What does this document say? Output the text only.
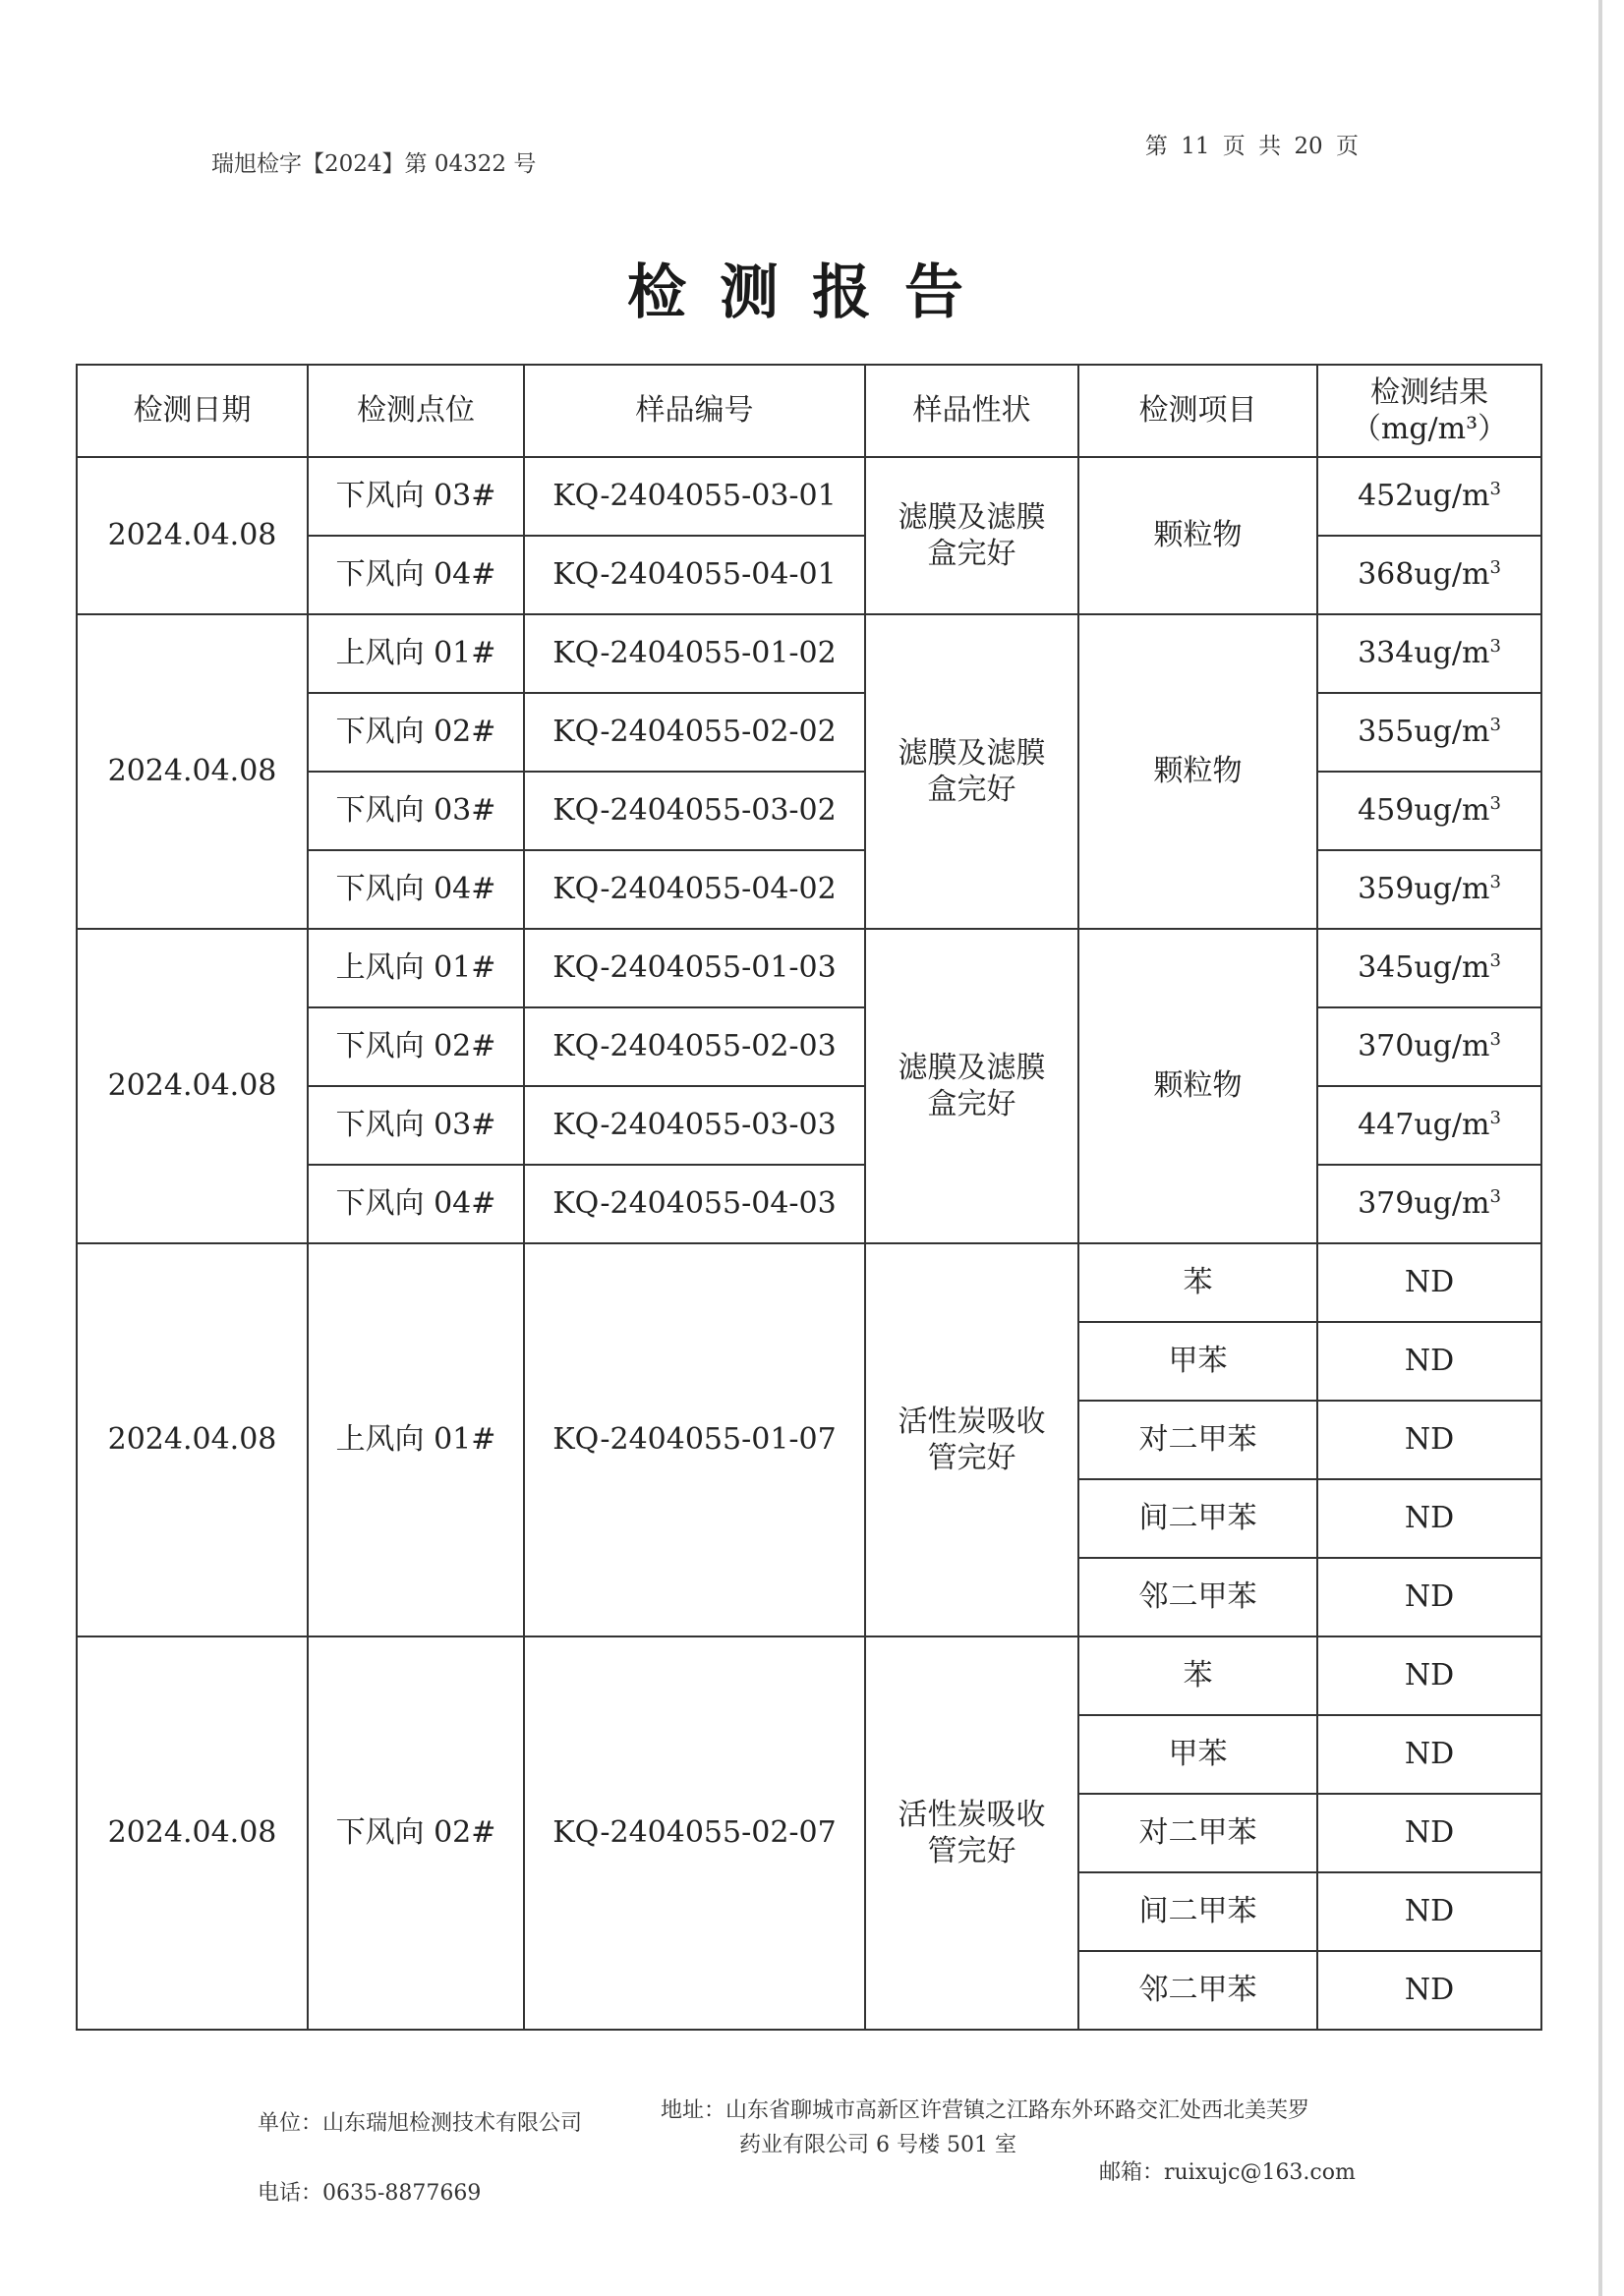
瑞旭检字【2024】第 04322 号
第 11 页 共 20 页
检测报告
检测日期	检测点位	样品编号	样品性状	检测项目	检测结果
（mg/m³）

2024.04.08	下风向 03#	KQ-2404055-03-01	滤膜及滤膜
盒完好	颗粒物	$452ug/m^3$
	下风向 04#	KQ-2404055-04-01			$368ug/m^3$
2024.04.08	上风向 01#	KQ-2404055-01-02	滤膜及滤膜
盒完好	颗粒物	$334ug/m^3$
	下风向 02#	KQ-2404055-02-02			$355ug/m^3$
	下风向 03#	KQ-2404055-03-02			$459ug/m^3$
	下风向 04#	KQ-2404055-04-02			$359ug/m^3$
2024.04.08	上风向 01#	KQ-2404055-01-03	滤膜及滤膜
盒完好	颗粒物	$345ug/m^3$
	下风向 02#	KQ-2404055-02-03			$370ug/m^3$
	下风向 03#	KQ-2404055-03-03			$447ug/m^3$
	下风向 04#	KQ-2404055-04-03			$379ug/m^3$
2024.04.08	上风向 01#	KQ-2404055-01-07	活性炭吸收
管完好	苯	ND
				甲苯	ND
				对二甲苯	ND
				间二甲苯	ND
				邻二甲苯	ND
2024.04.08	下风向 02#	KQ-2404055-02-07	活性炭吸收
管完好	苯	ND
				甲苯	ND
				对二甲苯	ND
				间二甲苯	ND
				邻二甲苯	ND
单位：山东瑞旭检测技术有限公司
地址：山东省聊城市高新区许营镇之江路东外环路交汇处西北美芙罗
药业有限公司 6 号楼 501 室
电话：0635-8877669
邮箱：ruixujc@163.com
